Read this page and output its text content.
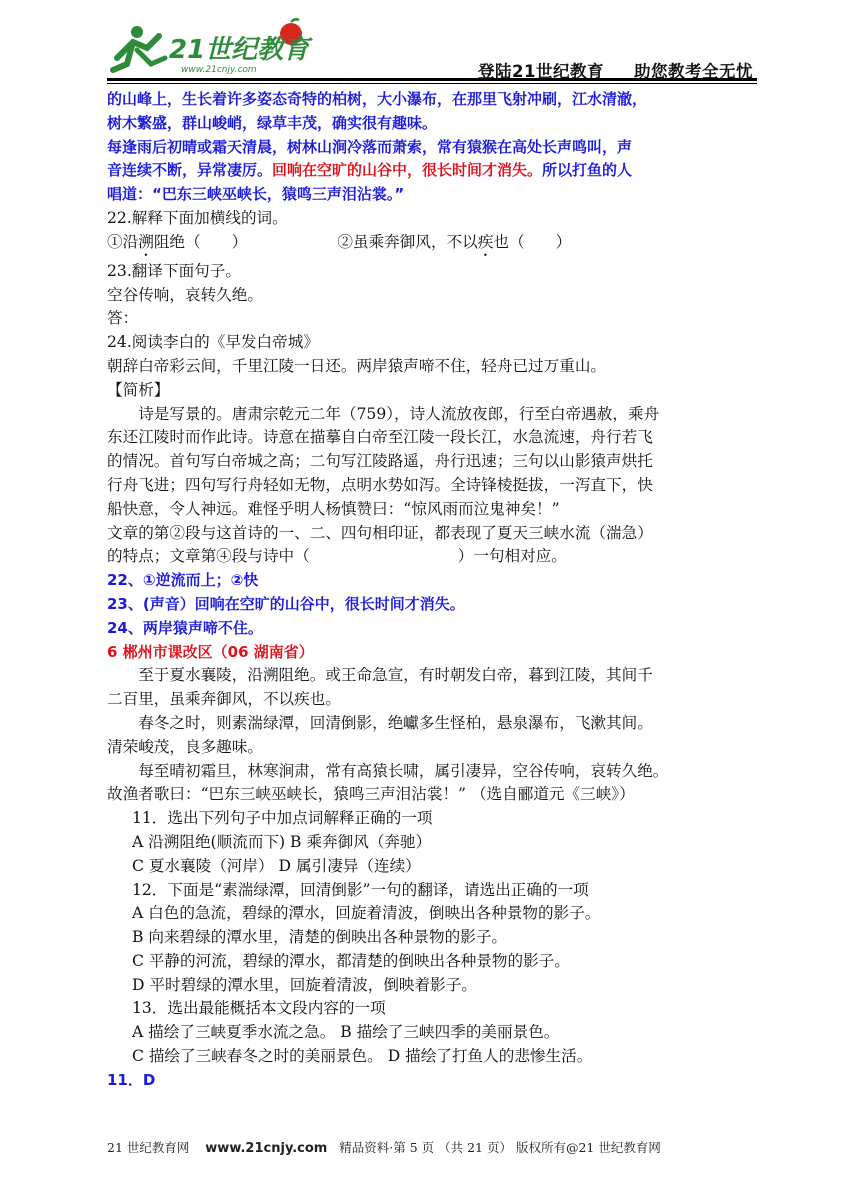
21世纪教育
www.21cnjy.com	登陆21世纪教育 助您教考全无忧

的山峰上，生长着许多姿态奇特的柏树，大小瀑布，在那里飞射冲刷，江水清澈，

树木繁盛，群山峻峭，绿草丰茂，确实很有趣味。

每逢雨后初晴或霜天清晨，树林山涧冷落而萧索，常有猿猴在高处长声鸣叫，声

音连续不断，异常凄厉。回响在空旷的山谷中，很长时间才消失。所以打鱼的人

唱道：“巴东三峡巫峡长，猿鸣三声泪沾裳。”

22.解释下面加横线的词。

①沿溯阻绝（　　）	②虽乘奔御风，不以疾也（　　）

23.翻译下面句子。

空谷传响，哀转久绝。

答：

24.阅读李白的《早发白帝城》

朝辞白帝彩云间，千里江陵一日还。两岸猿声啼不住，轻舟已过万重山。

【简析】

诗是写景的。唐肃宗乾元二年（759），诗人流放夜郎，行至白帝遇赦，乘舟

东还江陵时而作此诗。诗意在描摹自白帝至江陵一段长江，水急流速，舟行若飞

的情况。首句写白帝城之高；二句写江陵路遥，舟行迅速；三句以山影猿声烘托

行舟飞进；四句写行舟轻如无物，点明水势如泻。全诗锋棱挺拔，一泻直下，快

船快意，令人神远。难怪乎明人杨慎赞曰：“惊风雨而泣鬼神矣！”

文章的第②段与这首诗的一、二、四句相印证，都表现了夏天三峡水流（湍急）

的特点；文章第④段与诗中（	）一句相对应。

22、①逆流而上；②快

23、(声音）回响在空旷的山谷中，很长时间才消失。

24、两岸猿声啼不住。

6 郴州市课改区（06 湖南省）

至于夏水襄陵，沿溯阻绝。或王命急宣，有时朝发白帝，暮到江陵，其间千

二百里，虽乘奔御风，不以疾也。

春冬之时，则素湍绿潭，回清倒影，绝巘多生怪柏，悬泉瀑布，飞漱其间。

清荣峻茂，良多趣味。

每至晴初霜旦，林寒涧肃，常有高猿长啸，属引凄异，空谷传响，哀转久绝。

故渔者歌曰：“巴东三峡巫峡长，猿鸣三声泪沾裳！” （选自郦道元《三峡》）

11．选出下列句子中加点词解释正确的一项

A 沿溯阻绝(顺流而下) B 乘奔御风（奔驰）

C 夏水襄陵（河岸） D 属引凄异（连续）

12．下面是“素湍绿潭，回清倒影”一句的翻译，请选出正确的一项

A 白色的急流，碧绿的潭水，回旋着清波，倒映出各种景物的影子。

B 向来碧绿的潭水里，清楚的倒映出各种景物的影子。

C 平静的河流，碧绿的潭水，都清楚的倒映出各种景物的影子。

D 平时碧绿的潭水里，回旋着清波，倒映着影子。

13．选出最能概括本文段内容的一项

A 描绘了三峡夏季水流之急。 B 描绘了三峡四季的美丽景色。

C 描绘了三峡春冬之时的美丽景色。 D 描绘了打鱼人的悲惨生活。

11．D

21 世纪教育网 www.21cnjy.com 精品资料·第 5 页 （共 21 页） 版权所有@21 世纪教育网
